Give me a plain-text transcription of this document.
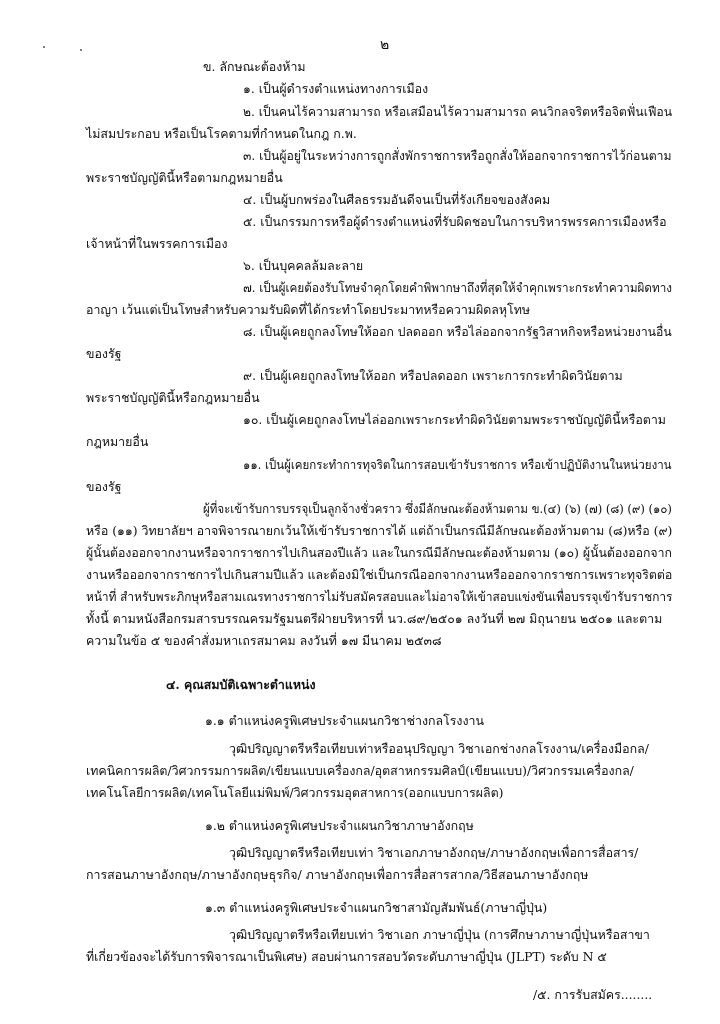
๒
ข. ลักษณะต้องห้าม
๑. เป็นผู้ดำรงตำแหน่งทางการเมือง
๒. เป็นคนไร้ความสามารถ หรือเสมือนไร้ความสามารถ คนวิกลจริตหรือจิตฟั่นเฟือน
ไม่สมประกอบ หรือเป็นโรคตามที่กำหนดในกฎ ก.พ.
๓. เป็นผู้อยู่ในระหว่างการถูกสั่งพักราชการหรือถูกสั่งให้ออกจากราชการไว้ก่อนตาม
พระราชบัญญัตินี้หรือตามกฎหมายอื่น
๔. เป็นผู้บกพร่องในศีลธรรมอันดีจนเป็นที่รังเกียจของสังคม
๕. เป็นกรรมการหรือผู้ดำรงตำแหน่งที่รับผิดชอบในการบริหารพรรคการเมืองหรือ
เจ้าหน้าที่ในพรรคการเมือง
๖. เป็นบุคคลล้มละลาย
๗. เป็นผู้เคยต้องรับโทษจำคุกโดยคำพิพากษาถึงที่สุดให้จำคุกเพราะกระทำความผิดทาง
อาญา เว้นแต่เป็นโทษสำหรับความรับผิดที่ได้กระทำโดยประมาทหรือความผิดลหุโทษ
๘. เป็นผู้เคยถูกลงโทษให้ออก ปลดออก หรือไล่ออกจากรัฐวิสาหกิจหรือหน่วยงานอื่น
ของรัฐ
๙. เป็นผู้เคยถูกลงโทษให้ออก หรือปลดออก เพราะการกระทำผิดวินัยตาม
พระราชบัญญัตินี้หรือกฎหมายอื่น
๑๐. เป็นผู้เคยถูกลงโทษไล่ออกเพราะกระทำผิดวินัยตามพระราชบัญญัตินี้หรือตาม
กฎหมายอื่น
๑๑. เป็นผู้เคยกระทำการทุจริตในการสอบเข้ารับราชการ หรือเข้าปฏิบัติงานในหน่วยงาน
ของรัฐ
ผู้ที่จะเข้ารับการบรรจุเป็นลูกจ้างชั่วคราว ซึ่งมีลักษณะต้องห้ามตาม ข.(๔) (๖) (๗) (๘) (๙) (๑๐)
หรือ (๑๑) วิทยาลัยฯ อาจพิจารณายกเว้นให้เข้ารับราชการได้ แต่ถ้าเป็นกรณีมีลักษณะต้องห้ามตาม (๘)หรือ (๙)
ผู้นั้นต้องออกจากงานหรือจากราชการไปเกินสองปีแล้ว และในกรณีมีลักษณะต้องห้ามตาม (๑๐) ผู้นั้นต้องออกจาก
งานหรือออกจากราชการไปเกินสามปีแล้ว และต้องมิใช่เป็นกรณีออกจากงานหรือออกจากราชการเพราะทุจริตต่อ
หน้าที่ สำหรับพระภิกษุหรือสามเณรทางราชการไม่รับสมัครสอบและไม่อาจให้เข้าสอบแข่งขันเพื่อบรรจุเข้ารับราชการ
ทั้งนี้ ตามหนังสือกรมสารบรรณครมรัฐมนตรีฝ่ายบริหารที่ นว.๘๙/๒๕๐๑ ลงวันที่ ๒๗ มิถุนายน ๒๕๐๑ และตาม
ความในข้อ ๕ ของคำสั่งมหาเถรสมาคม ลงวันที่ ๑๗ มีนาคม ๒๕๓๘
๔. คุณสมบัติเฉพาะตำแหน่ง
๑.๑ ตำแหน่งครูพิเศษประจำแผนกวิชาช่างกลโรงงาน
วุฒิปริญญาตรีหรือเทียบเท่าหรืออนุปริญญา วิชาเอกช่างกลโรงงาน/เครื่องมือกล/
เทคนิคการผลิต/วิศวกรรมการผลิต/เขียนแบบเครื่องกล/อุตสาหกรรมศิลป์(เขียนแบบ)/วิศวกรรมเครื่องกล/
เทคโนโลยีการผลิต/เทคโนโลยีแม่พิมพ์/วิศวกรรมอุตสาหการ(ออกแบบการผลิต)
๑.๒ ตำแหน่งครูพิเศษประจำแผนกวิชาภาษาอังกฤษ
วุฒิปริญญาตรีหรือเทียบเท่า วิชาเอกภาษาอังกฤษ/ภาษาอังกฤษเพื่อการสื่อสาร/
การสอนภาษาอังกฤษ/ภาษาอังกฤษธุรกิจ/ ภาษาอังกฤษเพื่อการสื่อสารสากล/วิธีสอนภาษาอังกฤษ
๑.๓ ตำแหน่งครูพิเศษประจำแผนกวิชาสามัญสัมพันธ์(ภาษาญี่ปุ่น)
วุฒิปริญญาตรีหรือเทียบเท่า วิชาเอก ภาษาญี่ปุ่น (การศึกษาภาษาญี่ปุ่นหรือสาขา
ที่เกี่ยวข้องจะได้รับการพิจารณาเป็นพิเศษ) สอบผ่านการสอบวัดระดับภาษาญี่ปุ่น (JLPT) ระดับ N ๕
/๕. การรับสมัคร........
